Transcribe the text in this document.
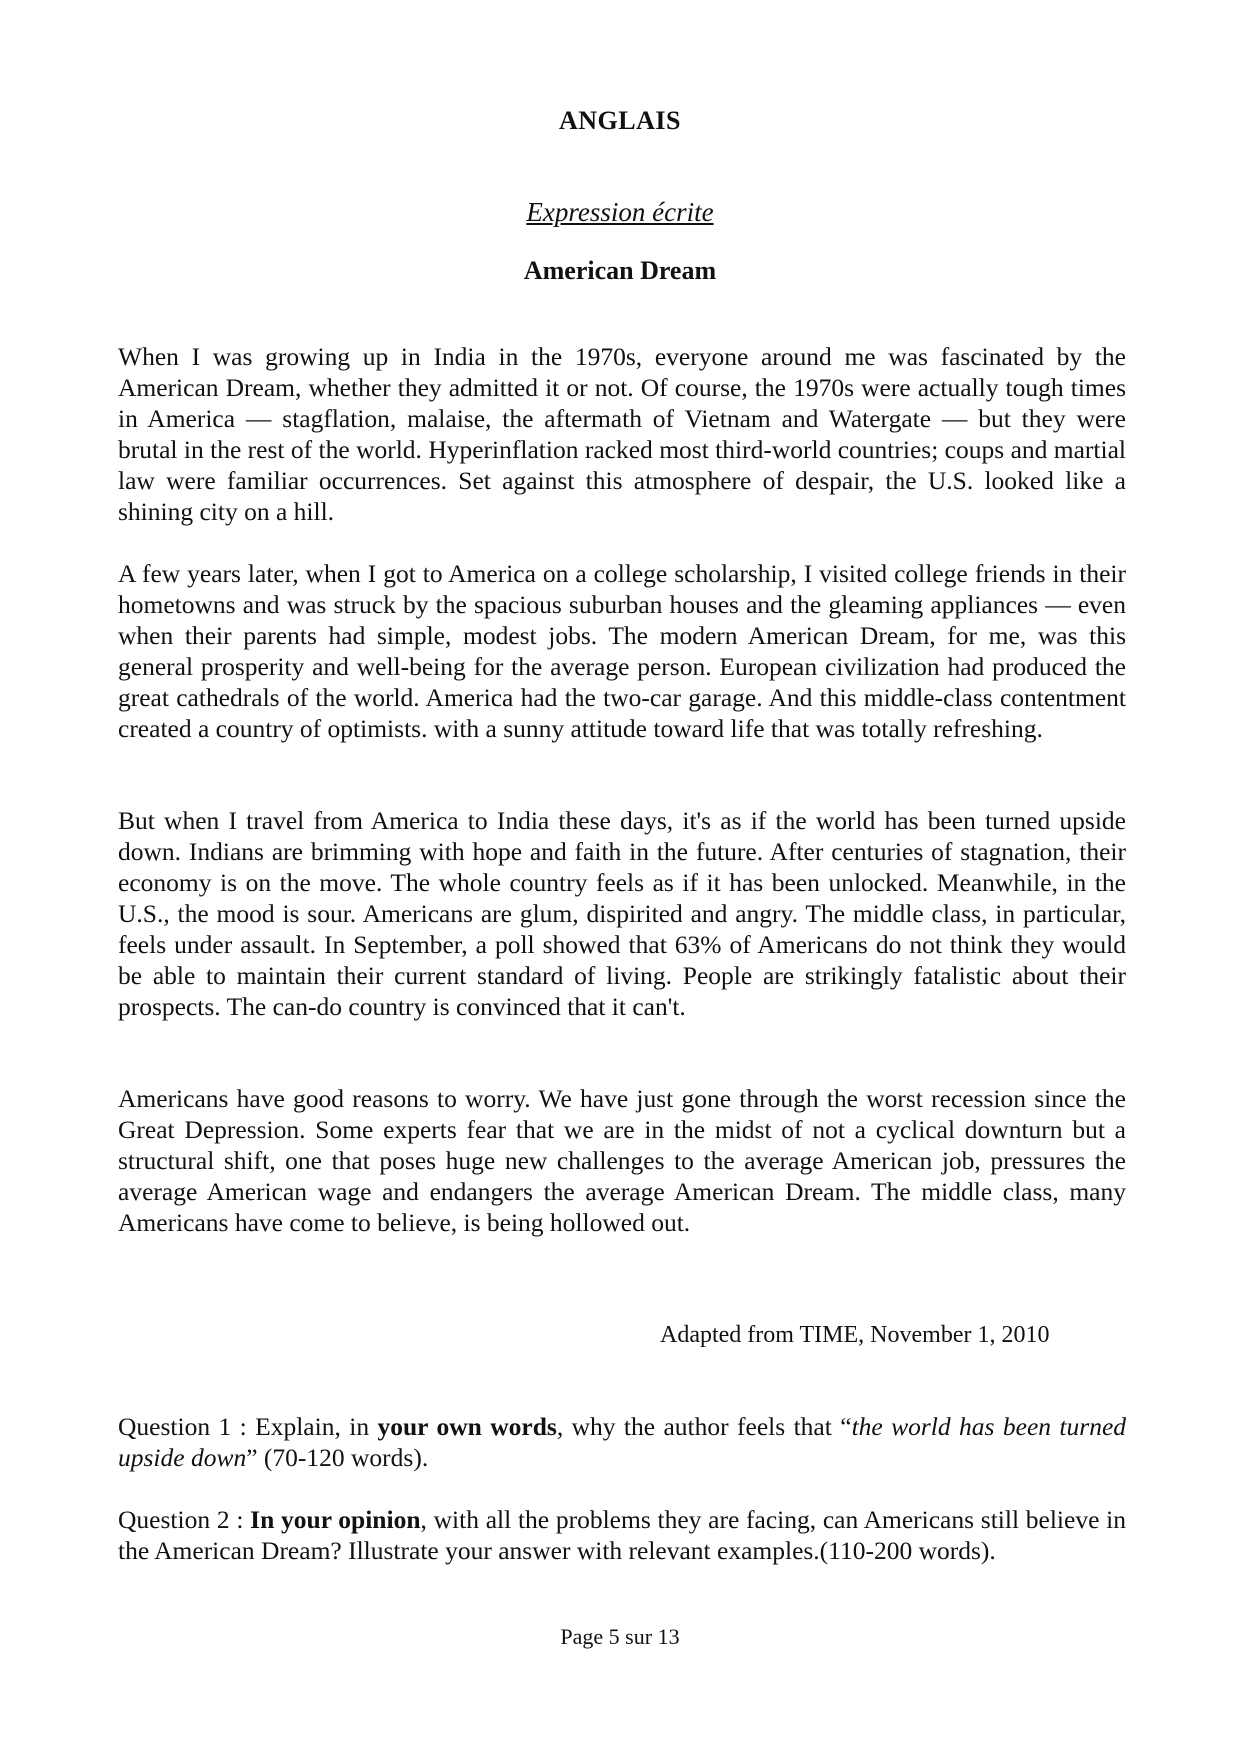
ANGLAIS
Expression écrite
American Dream

When I was growing up in India in the 1970s, everyone around me was fascinated by the American Dream, whether they admitted it or not. Of course, the 1970s were actually tough times in America — stagflation, malaise, the aftermath of Vietnam and Watergate — but they were brutal in the rest of the world. Hyperinflation racked most third-world countries; coups and martial law were familiar occurrences. Set against this atmosphere of despair, the U.S. looked like a shining city on a hill.

A few years later, when I got to America on a college scholarship, I visited college friends in their hometowns and was struck by the spacious suburban houses and the gleaming appliances — even when their parents had simple, modest jobs. The modern American Dream, for me, was this general prosperity and well-being for the average person. European civilization had produced the great cathedrals of the world. America had the two-car garage. And this middle-class contentment created a country of optimists. with a sunny attitude toward life that was totally refreshing.

But when I travel from America to India these days, it's as if the world has been turned upside down. Indians are brimming with hope and faith in the future. After centuries of stagnation, their economy is on the move. The whole country feels as if it has been unlocked. Meanwhile, in the U.S., the mood is sour. Americans are glum, dispirited and angry. The middle class, in particular, feels under assault. In September, a poll showed that 63% of Americans do not think they would be able to maintain their current standard of living. People are strikingly fatalistic about their prospects. The can-do country is convinced that it can't.

Americans have good reasons to worry. We have just gone through the worst recession since the Great Depression. Some experts fear that we are in the midst of not a cyclical downturn but a structural shift, one that poses huge new challenges to the average American job, pressures the average American wage and endangers the average American Dream. The middle class, many Americans have come to believe, is being hollowed out.

Adapted from TIME, November 1, 2010

Question 1 : Explain, in your own words, why the author feels that “the world has been turned upside down” (70-120 words).

Question 2 : In your opinion, with all the problems they are facing, can Americans still believe in the American Dream? Illustrate your answer with relevant examples.(110-200 words).

Page 5 sur 13
